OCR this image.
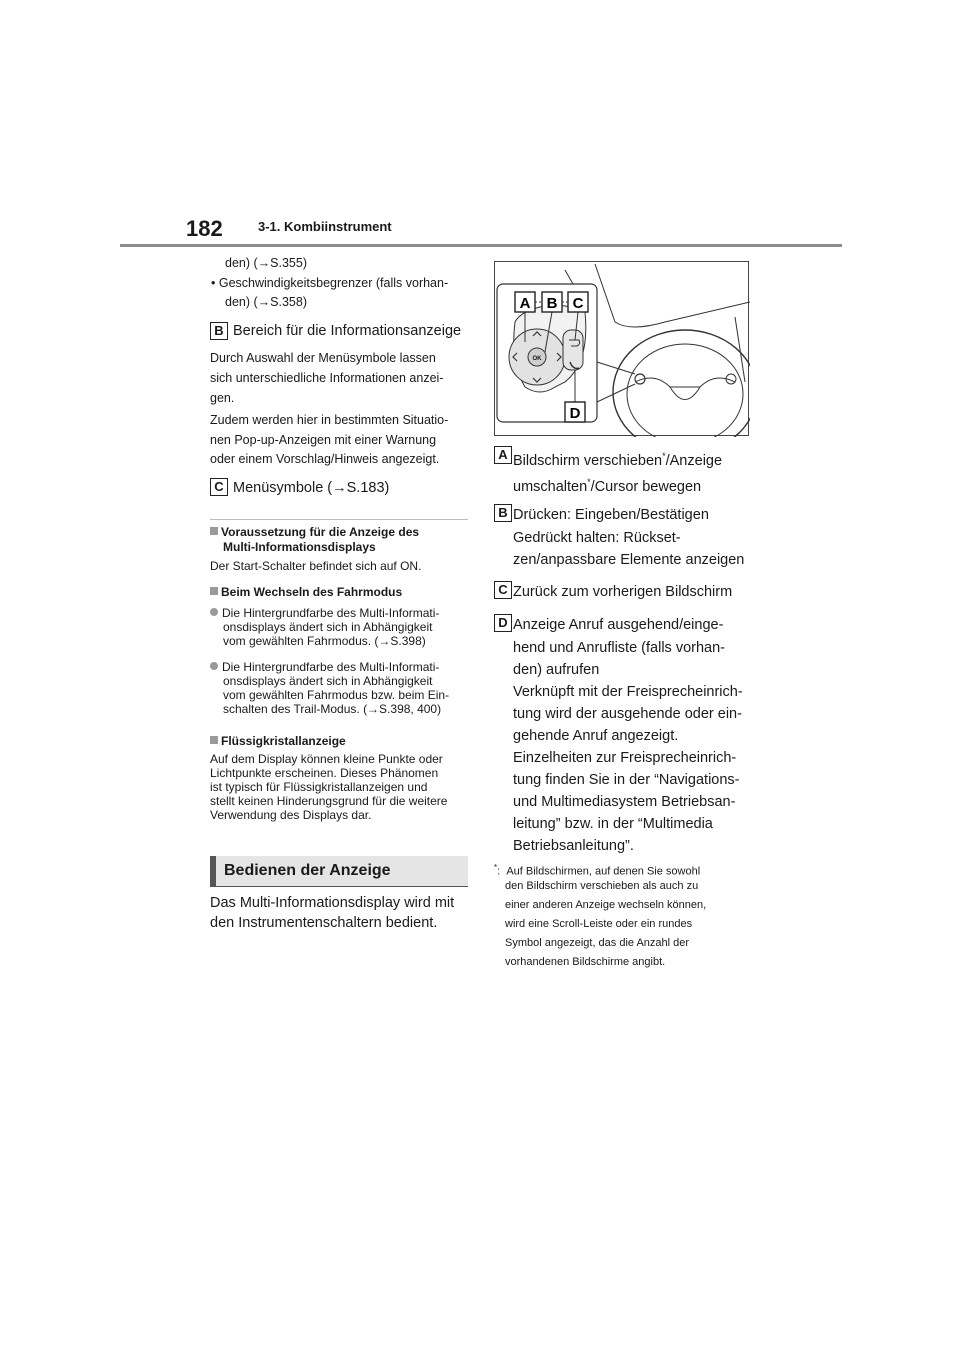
182	3-1. Kombiinstrument
den) (→S.355)
• Geschwindigkeitsbegrenzer (falls vorhan-
den) (→S.358)
B Bereich für die Informationsanzeige
Durch Auswahl der Menüsymbole lassen
sich unterschiedliche Informationen anzei-
gen.
Zudem werden hier in bestimmten Situatio-
nen Pop-up-Anzeigen mit einer Warnung
oder einem Vorschlag/Hinweis angezeigt.
C Menüsymbole (→S.183)
Voraussetzung für die Anzeige des
Multi-Informationsdisplays
Der Start-Schalter befindet sich auf ON.
Beim Wechseln des Fahrmodus
Die Hintergrundfarbe des Multi-Informati-
onsdisplays ändert sich in Abhängigkeit
vom gewählten Fahrmodus. (→S.398)
Die Hintergrundfarbe des Multi-Informati-
onsdisplays ändert sich in Abhängigkeit
vom gewählten Fahrmodus bzw. beim Ein-
schalten des Trail-Modus. (→S.398, 400)
Flüssigkristallanzeige
Auf dem Display können kleine Punkte oder
Lichtpunkte erscheinen. Dieses Phänomen
ist typisch für Flüssigkristallanzeigen und
stellt keinen Hinderungsgrund für die weitere
Verwendung des Displays dar.
Bedienen der Anzeige
Das Multi-Informationsdisplay wird mit
den Instrumentenschaltern bedient.
OK
A B C
D
A Bildschirm verschieben*/Anzeige
umschalten*/Cursor bewegen
B Drücken: Eingeben/Bestätigen
Gedrückt halten: Rückset-
zen/anpassbare Elemente anzeigen
C Zurück zum vorherigen Bildschirm
D Anzeige Anruf ausgehend/einge-
hend und Anrufliste (falls vorhan-
den) aufrufen
Verknüpft mit der Freisprecheinrich-
tung wird der ausgehende oder ein-
gehende Anruf angezeigt.
Einzelheiten zur Freisprecheinrich-
tung finden Sie in der “Navigations-
und Multimediasystem Betriebsan-
leitung” bzw. in der “Multimedia
Betriebsanleitung”.
*: Auf Bildschirmen, auf denen Sie sowohl
den Bildschirm verschieben als auch zu
einer anderen Anzeige wechseln können,
wird eine Scroll-Leiste oder ein rundes
Symbol angezeigt, das die Anzahl der
vorhandenen Bildschirme angibt.
